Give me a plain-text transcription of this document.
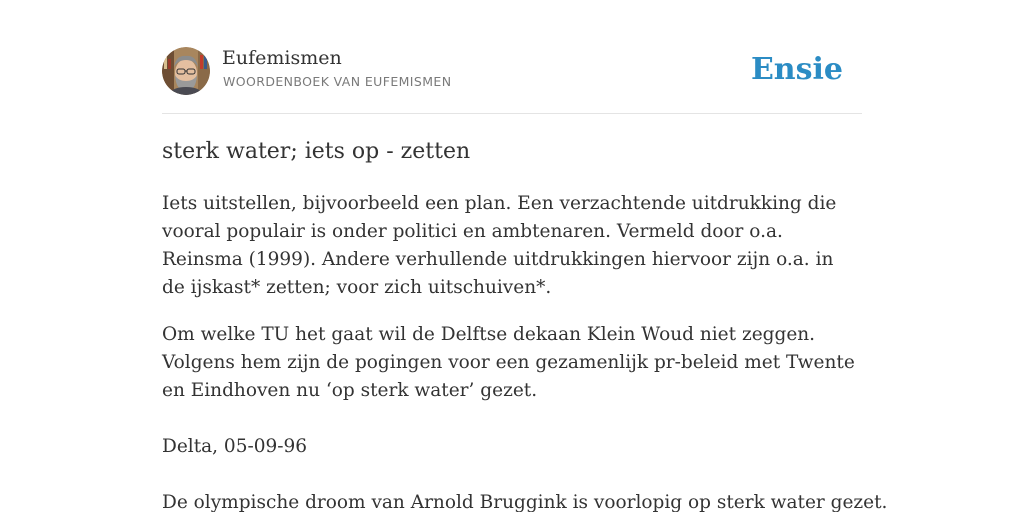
Eufemismen
WOORDENBOEK VAN EUFEMISMEN	Ensie
sterk water; iets op - zetten

Iets uitstellen, bijvoorbeeld een plan. Een verzachtende uitdrukking die vooral populair is onder politici en ambtenaren. Vermeld door o.a. Reinsma (1999). Andere verhullende uitdrukkingen hiervoor zijn o.a. in de ijskast* zetten; voor zich uitschuiven*.

Om welke TU het gaat wil de Delftse dekaan Klein Woud niet zeggen. Volgens hem zijn de pogingen voor een gezamenlijk pr-beleid met Twente en Eindhoven nu ‘op sterk water’ gezet.

Delta, 05-09-96

De olympische droom van Arnold Bruggink is voorlopig op sterk water gezet.
